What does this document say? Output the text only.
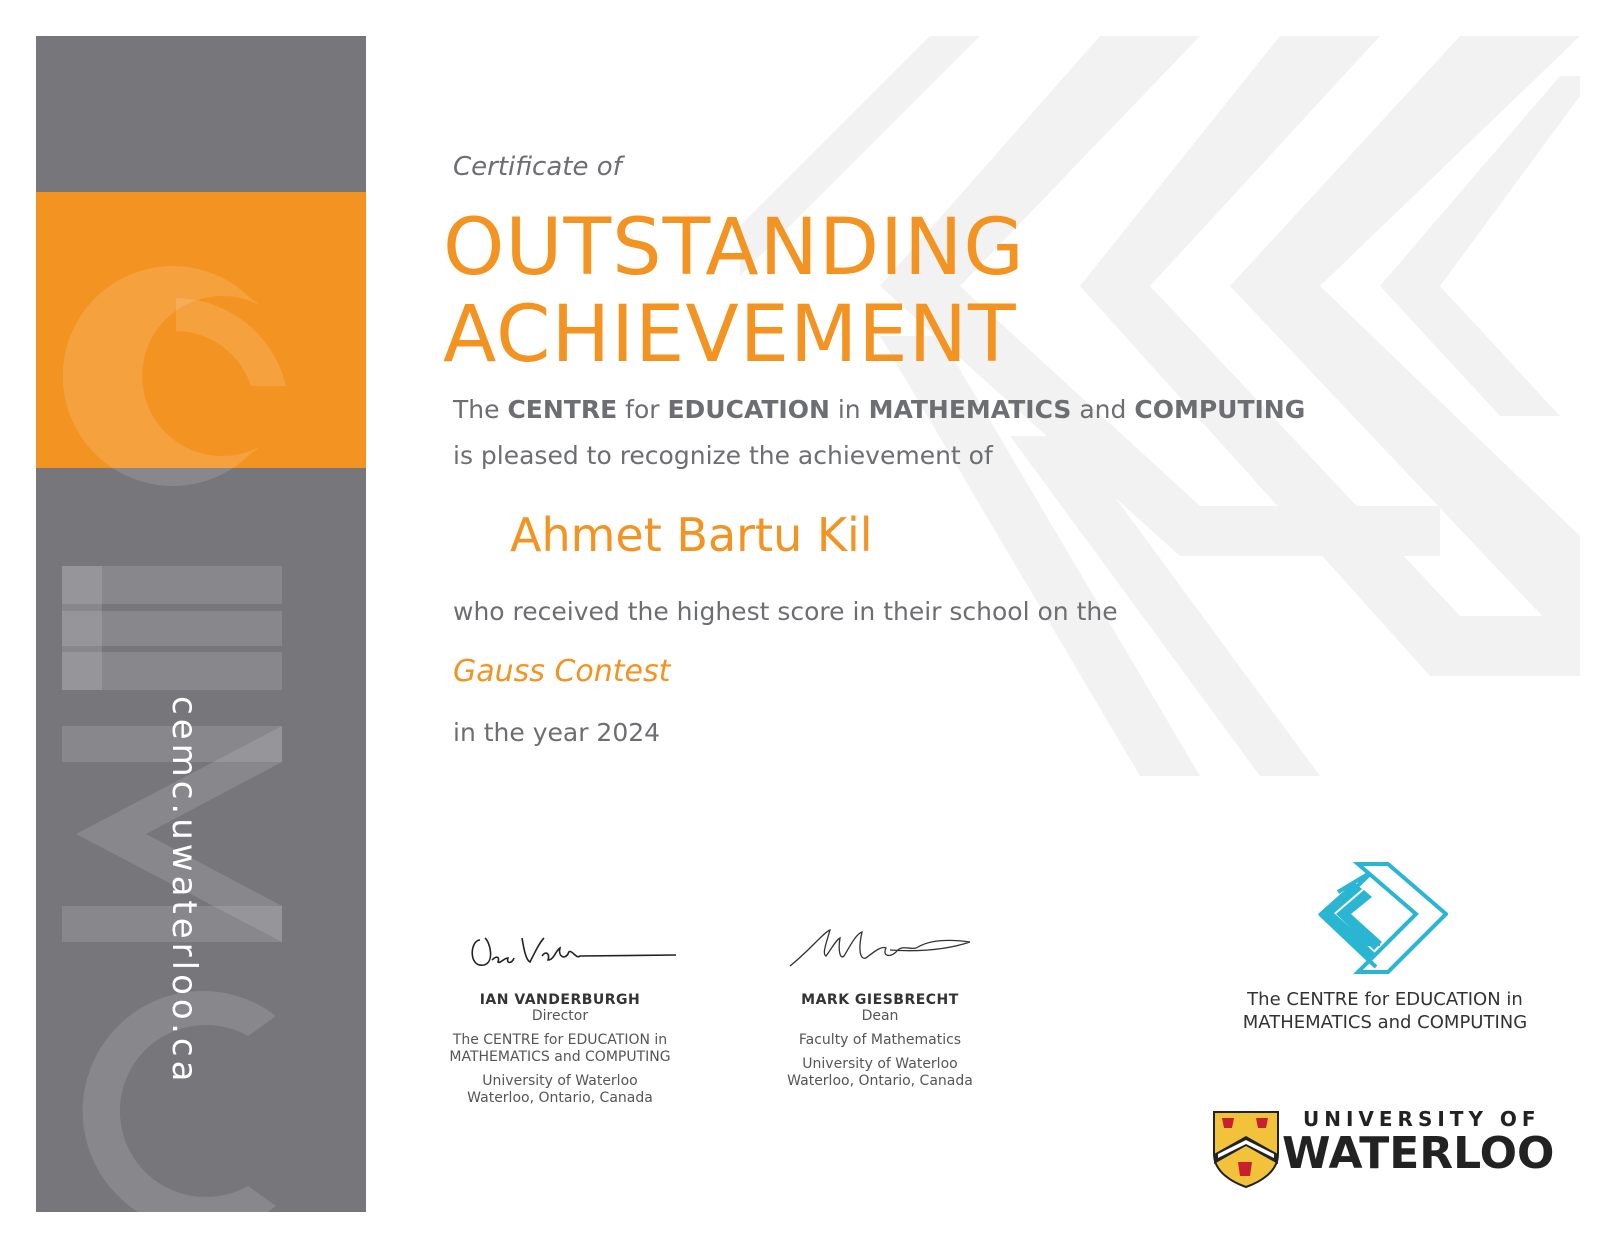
cemc.uwaterloo.ca
Certificate of
OUTSTANDING
ACHIEVEMENT
The CENTRE for EDUCATION in MATHEMATICS and COMPUTING
is pleased to recognize the achievement of
Ahmet Bartu Kil
who received the highest score in their school on the
Gauss Contest
in the year 2024
IAN VANDERBURGH
Director
The CENTRE for EDUCATION in
MATHEMATICS and COMPUTING
University of Waterloo
Waterloo, Ontario, Canada
MARK GIESBRECHT
Dean
Faculty of Mathematics
University of Waterloo
Waterloo, Ontario, Canada
The CENTRE for EDUCATION in
MATHEMATICS and COMPUTING
UNIVERSITY OF
WATERLOO
